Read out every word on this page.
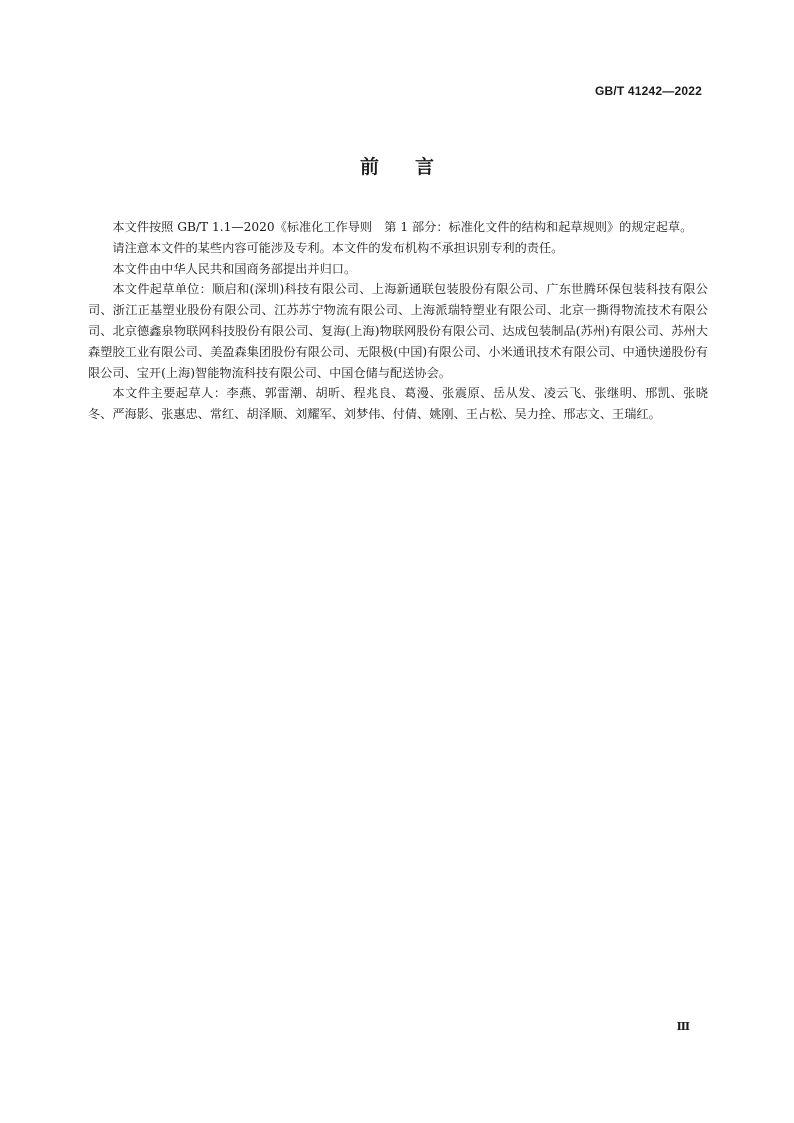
GB/T 41242—2022
前言

本文件按照 GB/T 1.1—2020《标准化工作导则　第 1 部分：标准化文件的结构和起草规则》的规定起草。

请注意本文件的某些内容可能涉及专利。本文件的发布机构不承担识别专利的责任。

本文件由中华人民共和国商务部提出并归口。

本文件起草单位：顺启和(深圳)科技有限公司、上海新通联包装股份有限公司、广东世腾环保包装科技有限公司、浙江正基塑业股份有限公司、江苏苏宁物流有限公司、上海派瑞特塑业有限公司、北京一撕得物流技术有限公司、北京德鑫泉物联网科技股份有限公司、复海(上海)物联网股份有限公司、达成包装制品(苏州)有限公司、苏州大森塑胶工业有限公司、美盈森集团股份有限公司、无限极(中国)有限公司、小米通讯技术有限公司、中通快递股份有限公司、宝开(上海)智能物流科技有限公司、中国仓储与配送协会。

本文件主要起草人：李燕、郭雷潮、胡昕、程兆良、葛漫、张震原、岳从发、凌云飞、张继明、邢凯、张晓冬、严海影、张惠忠、常红、胡泽顺、刘耀军、刘梦伟、付倩、姚刚、王占松、吴力拴、邢志文、王瑞红。

Ⅲ
